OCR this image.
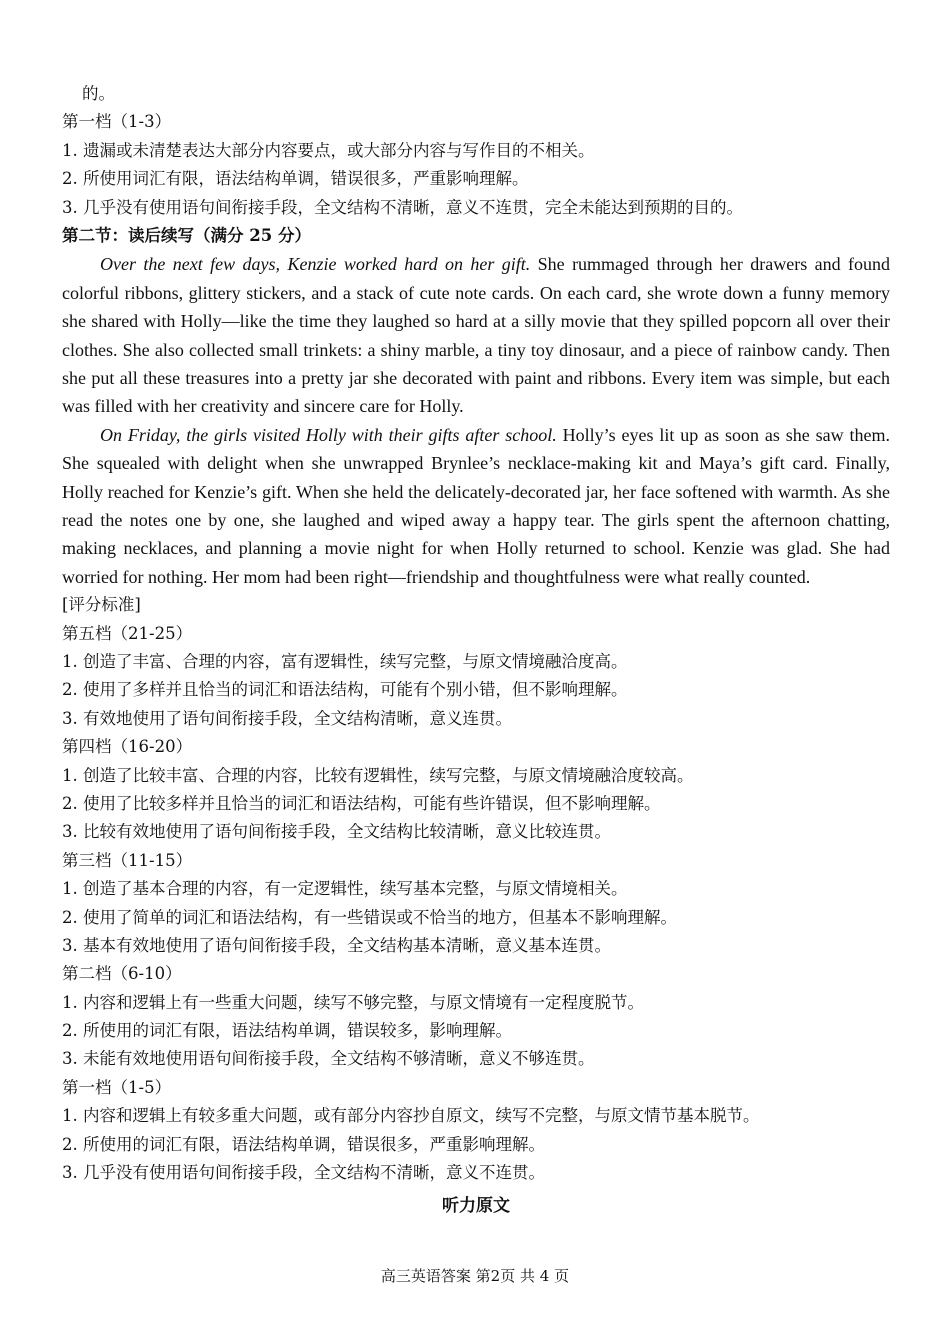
的。
第一档（1-3）
1. 遗漏或未清楚表达大部分内容要点，或大部分内容与写作目的不相关。
2. 所使用词汇有限，语法结构单调，错误很多，严重影响理解。
3. 几乎没有使用语句间衔接手段，全文结构不清晰，意义不连贯，完全未能达到预期的目的。
第二节：读后续写（满分 25 分）

Over the next few days, Kenzie worked hard on her gift. She rummaged through her drawers and found colorful ribbons, glittery stickers, and a stack of cute note cards. On each card, she wrote down a funny memory she shared with Holly—like the time they laughed so hard at a silly movie that they spilled popcorn all over their clothes. She also collected small trinkets: a shiny marble, a tiny toy dinosaur, and a piece of rainbow candy. Then she put all these treasures into a pretty jar she decorated with paint and ribbons. Every item was simple, but each was filled with her creativity and sincere care for Holly.

On Friday, the girls visited Holly with their gifts after school. Holly’s eyes lit up as soon as she saw them. She squealed with delight when she unwrapped Brynlee’s necklace-making kit and Maya’s gift card. Finally, Holly reached for Kenzie’s gift. When she held the delicately-decorated jar, her face softened with warmth. As she read the notes one by one, she laughed and wiped away a happy tear. The girls spent the afternoon chatting, making necklaces, and planning a movie night for when Holly returned to school. Kenzie was glad. She had worried for nothing. Her mom had been right—friendship and thoughtfulness were what really counted.

[评分标准]
第五档（21-25）
1. 创造了丰富、合理的内容，富有逻辑性，续写完整，与原文情境融洽度高。
2. 使用了多样并且恰当的词汇和语法结构，可能有个别小错，但不影响理解。
3. 有效地使用了语句间衔接手段，全文结构清晰，意义连贯。
第四档（16-20）
1. 创造了比较丰富、合理的内容，比较有逻辑性，续写完整，与原文情境融洽度较高。
2. 使用了比较多样并且恰当的词汇和语法结构，可能有些许错误，但不影响理解。
3. 比较有效地使用了语句间衔接手段，全文结构比较清晰，意义比较连贯。
第三档（11-15）
1. 创造了基本合理的内容，有一定逻辑性，续写基本完整，与原文情境相关。
2. 使用了简单的词汇和语法结构，有一些错误或不恰当的地方，但基本不影响理解。
3. 基本有效地使用了语句间衔接手段，全文结构基本清晰，意义基本连贯。
第二档（6-10）
1. 内容和逻辑上有一些重大问题，续写不够完整，与原文情境有一定程度脱节。
2. 所使用的词汇有限，语法结构单调，错误较多，影响理解。
3. 未能有效地使用语句间衔接手段，全文结构不够清晰，意义不够连贯。
第一档（1-5）
1. 内容和逻辑上有较多重大问题，或有部分内容抄自原文，续写不完整，与原文情节基本脱节。
2. 所使用的词汇有限，语法结构单调，错误很多，严重影响理解。
3. 几乎没有使用语句间衔接手段，全文结构不清晰，意义不连贯。
听力原文
高三英语答案 第2页 共 4 页
